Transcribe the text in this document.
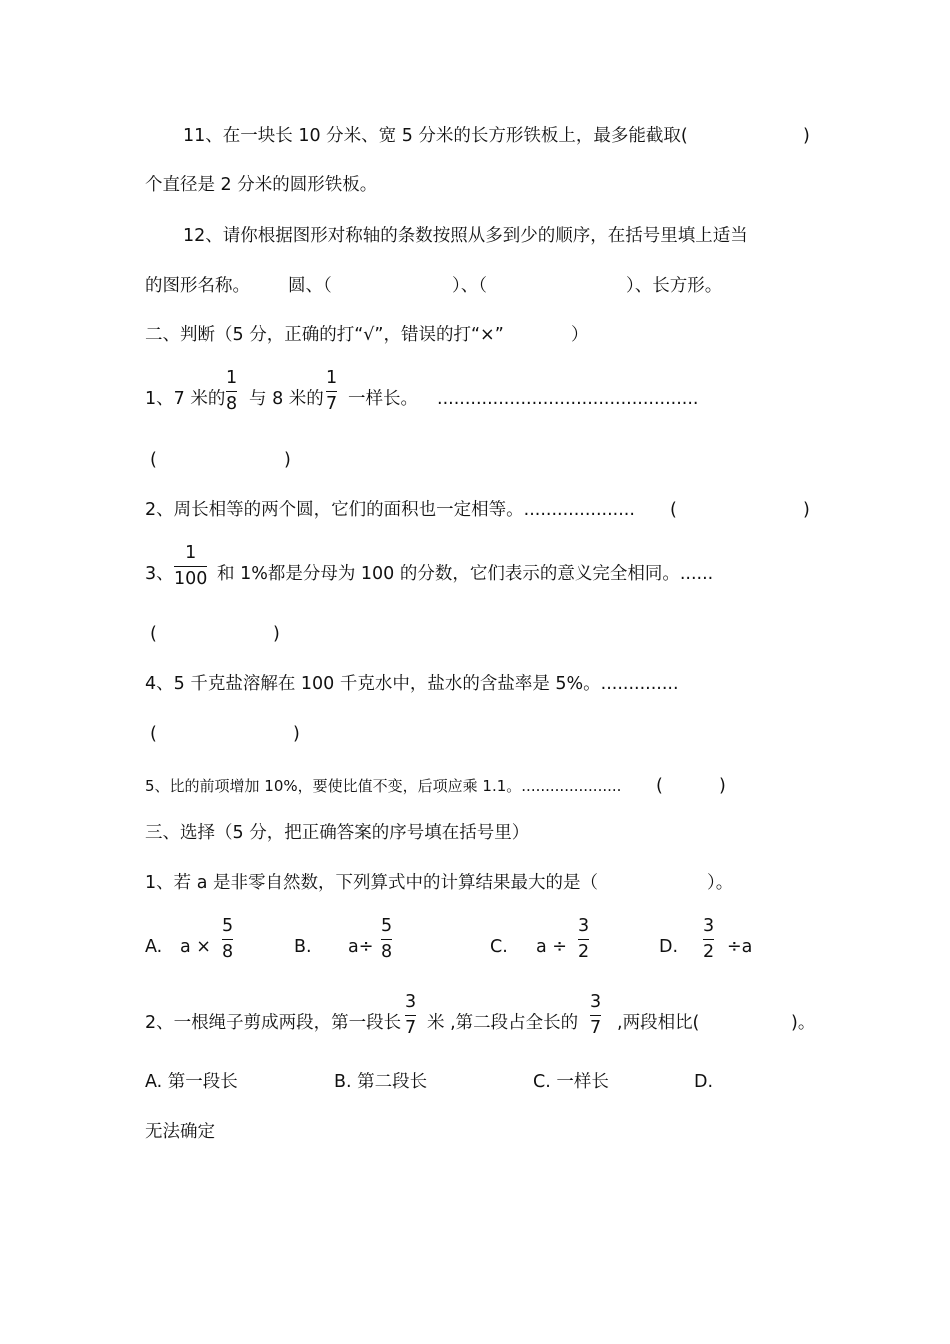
11、在一块长 10 分米、宽 5 分米的长方形铁板上，最多能截取(	)
个直径是 2 分米的圆形铁板。
12、请你根据图形对称轴的条数按照从多到少的顺序，在括号里填上适当
的图形名称。 圆、（	）、（	）、长方形。
二、判断（5 分，正确的打“√”，错误的打“×”	）
1、7 米的
1
8 与 8 米的
1
7 一样长。 ...............................................
(	)
2、周长相等的两个圆，它们的面积也一定相等。.................... (	)
3、
1
100 和 1%都是分母为 100 的分数，它们表示的意义完全相同。......
(	)
4、5 千克盐溶解在 100 千克水中，盐水的含盐率是 5%。..............
(	)
5、比的前项增加 10%，要使比值不变，后项应乘 1.1。..................... (	)
三、选择（5 分，把正确答案的序号填在括号里）
1、若 a 是非零自然数，下列算式中的计算结果最大的是（	）。
A. a ×
5
8	B. a÷
5
8	C. a ÷
3
2	D.
3
2 ÷a
2、一根绳子剪成两段，第一段长
3
7 米 ,第二段占全长的
3
7 ,两段相比(	)。
A. 第一段长	B. 第二段长	C. 一样长	D.
无法确定
